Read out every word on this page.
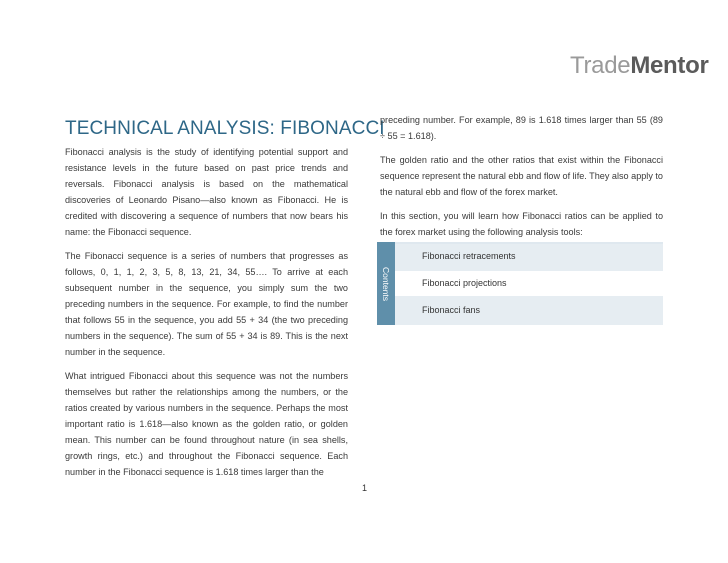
TradeMentor
TECHNICAL ANALYSIS: FIBONACCI

Fibonacci analysis is the study of identifying potential support and resistance levels in the future based on past price trends and reversals. Fibonacci analysis is based on the mathematical discoveries of Leonardo Pisano—also known as Fibonacci. He is credited with discovering a sequence of numbers that now bears his name: the Fibonacci sequence.

The Fibonacci sequence is a series of numbers that progresses as follows, 0, 1, 1, 2, 3, 5, 8, 13, 21, 34, 55…. To arrive at each subsequent number in the sequence, you simply sum the two preceding numbers in the sequence. For example, to find the number that follows 55 in the sequence, you add 55 + 34 (the two preceding numbers in the sequence). The sum of 55 + 34 is 89. This is the next number in the sequence.

What intrigued Fibonacci about this sequence was not the numbers themselves but rather the relationships among the numbers, or the ratios created by various numbers in the sequence. Perhaps the most important ratio is 1.618—also known as the golden ratio, or golden mean. This number can be found throughout nature (in sea shells, growth rings, etc.) and throughout the Fibonacci sequence. Each number in the Fibonacci sequence is 1.618 times larger than the

preceding number. For example, 89 is 1.618 times larger than 55 (89 ÷ 55 = 1.618).

The golden ratio and the other ratios that exist within the Fibonacci sequence represent the natural ebb and flow of life. They also apply to the natural ebb and flow of the forex market.

In this section, you will learn how Fibonacci ratios can be applied to the forex market using the following analysis tools:

Contents
Fibonacci retracements
Fibonacci projections
Fibonacci fans
1
